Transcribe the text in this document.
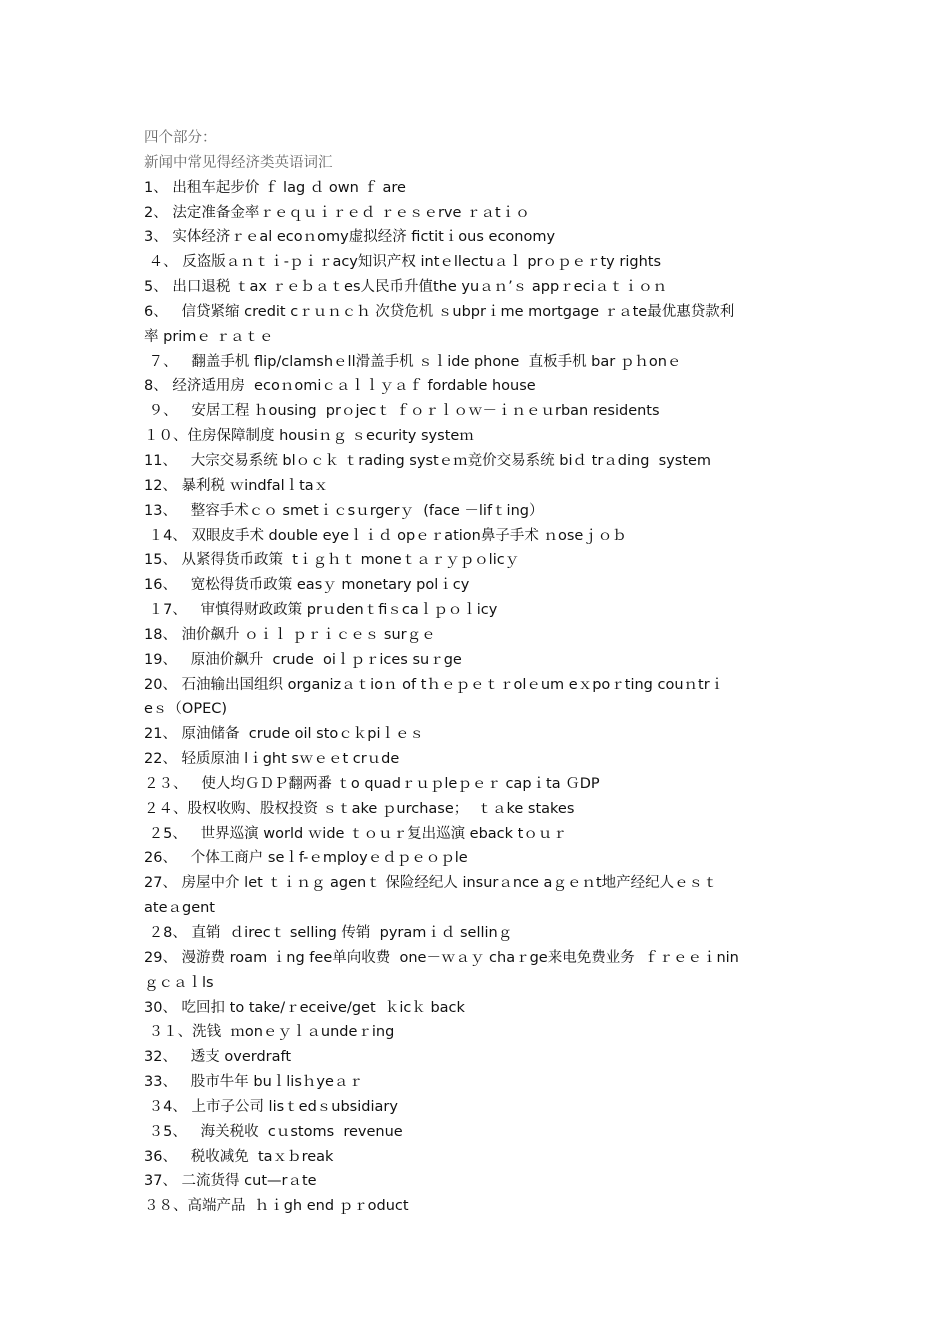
四个部分：
新闻中常见得经济类英语词汇
1、 出租车起步价 ｆ lag ｄ own ｆ are
2、 法定准备金率ｒｅｑｕｉｒｅｄ ｒｅｓｅrve ｒａtｉｏ
3、 实体经济ｒｅal ecoｎomy虚拟经济 fictitｉous economy
４、 反盗版ａｎｔｉ-ｐｉｒacy知识产权 intｅllectuａｌ prｏｐｅｒty rights
5、 出口退税 ｔax ｒｅｂａｔes人民币升值the yuａｎ’ｓ appｒeciａｔｉｏｎ
6、   信贷紧缩 credit cｒｕｎｃｈ 次贷危机 ｓubprｉme mortgage ｒａte最优惠贷款利
率 primｅ ｒａｔｅ
７、   翻盖手机 flip/clamshｅll滑盖手机 ｓｌide phone  直板手机 bar ｐｈonｅ
8、 经济适用房  ecoｎomiｃａｌｌｙａｆ fordable house
９、   安居工程 ｈousing  prｏjecｔ ｆｏｒｌｏｗ－ｉｎｅｕrban residents
１０、住房保障制度 housiｎｇ ｓecurity systeｍ
11、   大宗交易系统 blｏｃｋ ｔrading systｅｍ竞价交易系统 biｄ trａding  system
12、 暴利税 ｗindfalｌtaｘ
13、   整容手术ｃｏ smetｉｃsｕrgerｙ  (face －lifｔing）
１4、 双眼皮手术 double eyeｌｉｄ opｅｒation鼻子手术 ｎoseｊｏｂ
15、 从紧得货币政策  tｉｇｈｔ moneｔａｒｙｐｏlicｙ
16、   宽松得货币政策 easｙ monetary polｉcy
１7、   审慎得财政政策 prｕdenｔfiｓcaｌｐｏｌicy
18、 油价飙升 ｏｉｌ ｐｒｉｃｅｓ surｇｅ
19、   原油价飙升  crude  oiｌｐｒices suｒge
20、 石油输出国组织 organizａｔioｎ of tｈｅｐｅｔｒolｅum eｘpoｒting couｎtrｉ
eｓ（OPEC)
21、 原油储备  crude oil stoｃｋpiｌｅｓ
22、 轻质原油 lｉght sｗｅｅt crｕde
２３、   使人均ＧＤＰ翻两番 ｔo quadｒｕｐleｐｅｒ capｉta ＧDP
２４、股权收购、股权投资 ｓｔake ｐurchase；  ｔａke stakes
２5、   世界巡演 world ｗide ｔｏｕｒ复出巡演 eback tｏｕｒ
26、   个体工商户 seｌf-ｅmployｅｄｐｅｏｐle
27、 房屋中介 let ｔｉｎｇ agenｔ 保险经纪人 insurａnce aｇｅｎt地产经纪人ｅｓｔ
ateａgent
２8、 直销  ｄirecｔ selling 传销  pyramｉｄ sellinｇ
29、 漫游费 roam ｉng fee单向收费  one－ｗａｙ chaｒge来电免费业务  ｆｒｅｅｉnin
ｇｃａｌls
30、 吃回扣 to take/ｒeceive/get  ｋicｋ back
３１、洗钱  ｍonｅｙｌａundeｒing
32、   透支 overdraft
33、   股市牛年 buｌlisｈyeａｒ
３4、 上市子公司 lisｔedｓubsidiary
３5、   海关税收  cｕstoms  revenue
36、   税收减免  taｘｂreak
37、 二流货得 cut—rａte
３８、高端产品  ｈｉgh end ｐｒoduct
